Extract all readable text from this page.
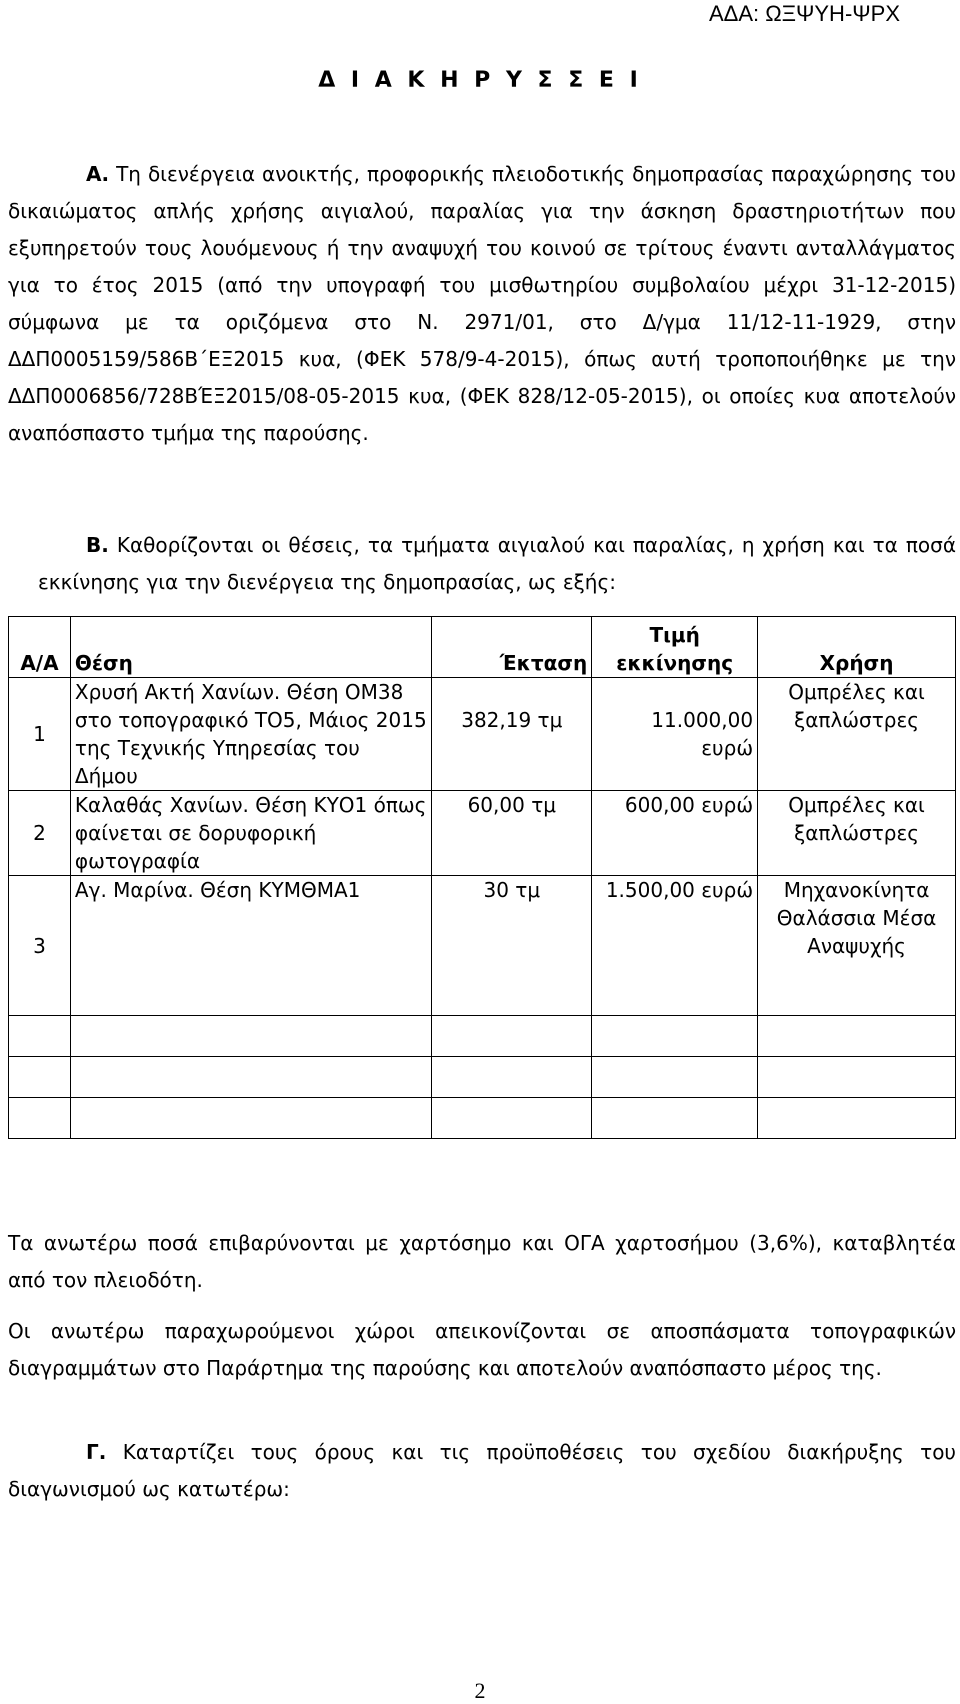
ΑΔΑ: ΩΞΨΥΗ-ΨΡΧ
Δ Ι Α Κ Η Ρ Υ Σ Σ Ε Ι

Α. Τη διενέργεια ανοικτής, προφορικής πλειοδοτικής δημοπρασίας παραχώρησης του δικαιώματος απλής χρήσης αιγιαλού, παραλίας για την άσκηση δραστηριοτήτων που εξυπηρετούν τους λουόμενους ή την αναψυχή του κοινού σε τρίτους έναντι ανταλλάγματος για το έτος 2015 (από την υπογραφή του μισθωτηρίου συμβολαίου μέχρι 31-12-2015) σύμφωνα με τα οριζόμενα στο Ν. 2971/01, στο Δ/γμα 11/12-11-1929, στην ΔΔΠ0005159/586Β΄ΕΞ2015 κυα, (ΦΕΚ 578/9-4-2015), όπως αυτή τροποποιήθηκε με την ΔΔΠ0006856/728ΒΈΞ2015/08-05-2015 κυα, (ΦΕΚ 828/12-05-2015), οι οποίες κυα αποτελούν αναπόσπαστο τμήμα της παρούσης.

Β. Καθορίζονται οι θέσεις, τα τμήματα αιγιαλού και παραλίας, η χρήση και τα ποσά εκκίνησης για την διενέργεια της δημοπρασίας, ως εξής:

Α/Α	Θέση	Έκταση	Τιμή εκκίνησης	Χρήση
1	Χρυσή Ακτή Χανίων. Θέση ΟΜ38 στο τοπογραφικό ΤΟ5, Μάιος 2015 της Τεχνικής Υπηρεσίας του Δήμου	382,19 τμ	11.000,00 ευρώ	Ομπρέλες και ξαπλώστρες
2	Καλαθάς Χανίων. Θέση ΚΥΟ1 όπως φαίνεται σε δορυφορική φωτογραφία	60,00 τμ	600,00 ευρώ	Ομπρέλες και ξαπλώστρες
3	Αγ. Μαρίνα. Θέση ΚΥΜΘΜΑ1	30 τμ	1.500,00 ευρώ	Μηχανοκίνητα Θαλάσσια Μέσα Αναψυχής

Τα ανωτέρω ποσά επιβαρύνονται με χαρτόσημο και ΟΓΑ χαρτοσήμου (3,6%), καταβλητέα από τον πλειοδότη.

Οι ανωτέρω παραχωρούμενοι χώροι απεικονίζονται σε αποσπάσματα τοπογραφικών διαγραμμάτων στο Παράρτημα της παρούσης και αποτελούν αναπόσπαστο μέρος της.

Γ. Καταρτίζει τους όρους και τις προϋποθέσεις του σχεδίου διακήρυξης του διαγωνισμού ως κατωτέρω:

2
